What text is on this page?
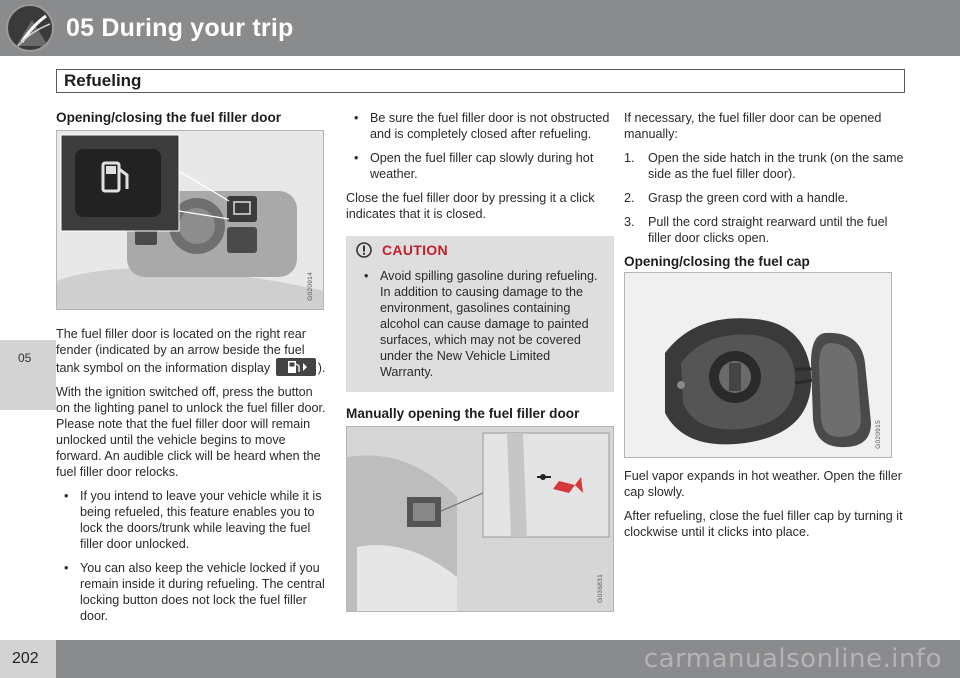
05 During your trip
Refueling
05
Opening/closing the fuel filler door
G020914

The fuel filler door is located on the right rear fender (indicated by an arrow beside the fuel tank symbol on the information display	).

With the ignition switched off, press the button on the lighting panel to unlock the fuel filler door. Please note that the fuel filler door will remain unlocked until the vehicle begins to move forward. An audible click will be heard when the fuel filler door relocks.

• If you intend to leave your vehicle while it is being refueled, this feature enables you to lock the doors/trunk while leaving the fuel filler door unlocked.
• You can also keep the vehicle locked if you remain inside it during refueling. The central locking button does not lock the fuel filler door.
• Be sure the fuel filler door is not obstructed and is completely closed after refueling.
• Open the fuel filler cap slowly during hot weather.

Close the fuel filler door by pressing it a click indicates that it is closed.

CAUTION
• Avoid spilling gasoline during refueling. In addition to causing damage to the environment, gasolines containing alcohol can cause damage to painted surfaces, which may not be covered under the New Vehicle Limited Warranty.
Manually opening the fuel filler door
G036831

If necessary, the fuel filler door can be opened manually:

1. Open the side hatch in the trunk (on the same side as the fuel filler door).
2. Grasp the green cord with a handle.
3. Pull the cord straight rearward until the fuel filler door clicks open.
Opening/closing the fuel cap
G020915

Fuel vapor expands in hot weather. Open the filler cap slowly.

After refueling, close the fuel filler cap by turning it clockwise until it clicks into place.

202	carmanualsonline.info
